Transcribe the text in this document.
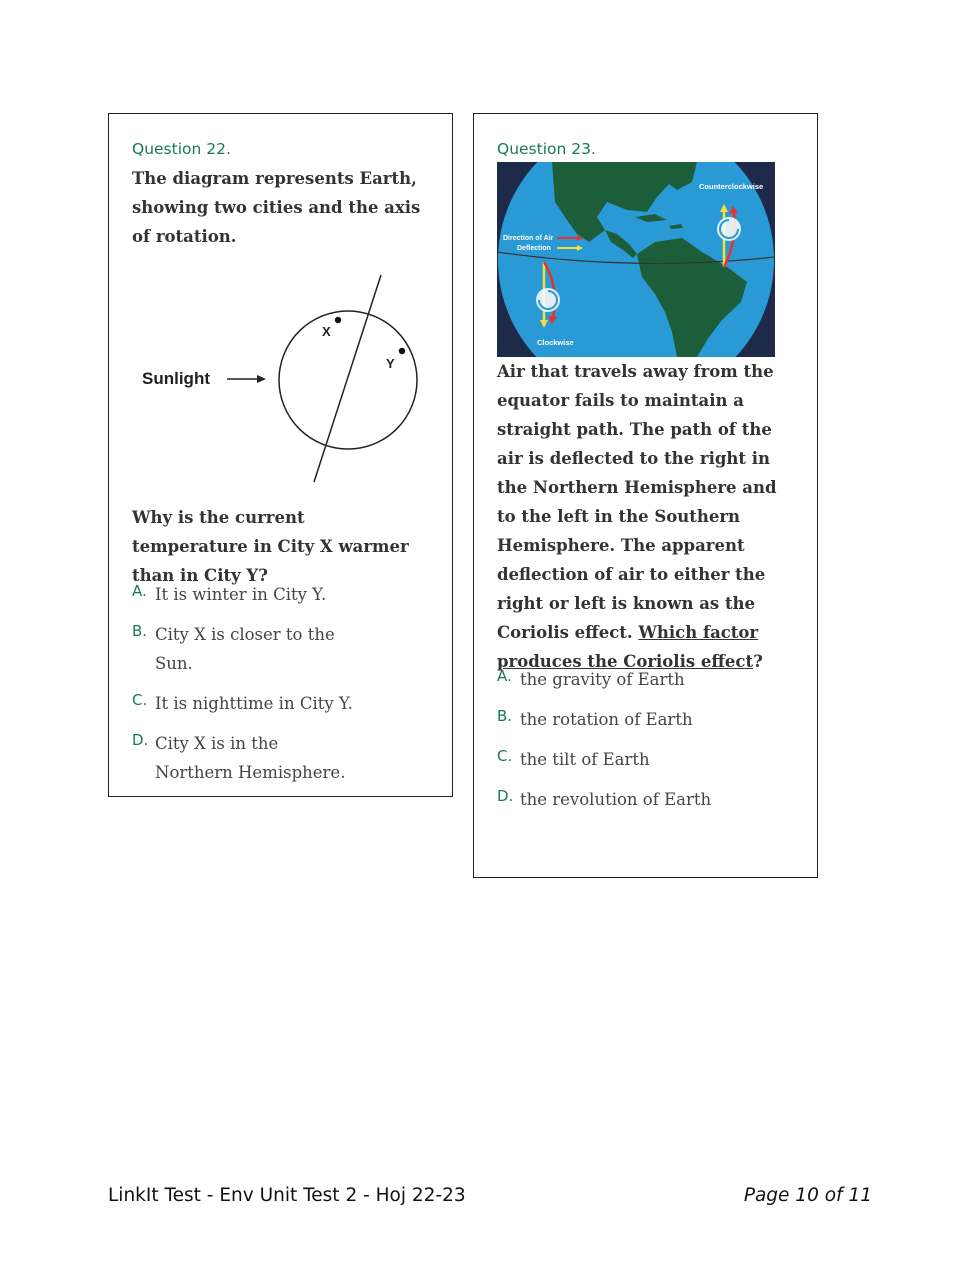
Question 22.

The diagram represents Earth, showing two cities and the axis of rotation.

Sunlight
X
Y

Why is the current temperature in City X warmer than in City Y?

A. It is winter in City Y.
B. City X is closer to the Sun.
C. It is nighttime in City Y.
D. City X is in the Northern Hemisphere.

Question 23.

Counterclockwise
Clockwise
Direction of Air
Deflection

Air that travels away from the equator fails to maintain a straight path. The path of the air is deflected to the right in the Northern Hemisphere and to the left in the Southern Hemisphere. The apparent deflection of air to either the right or left is known as the Coriolis effect. Which factor produces the Coriolis effect?

A. the gravity of Earth
B. the rotation of Earth
C. the tilt of Earth
D. the revolution of Earth
LinkIt Test - Env Unit Test 2 - Hoj 22-23	Page 10 of 11
